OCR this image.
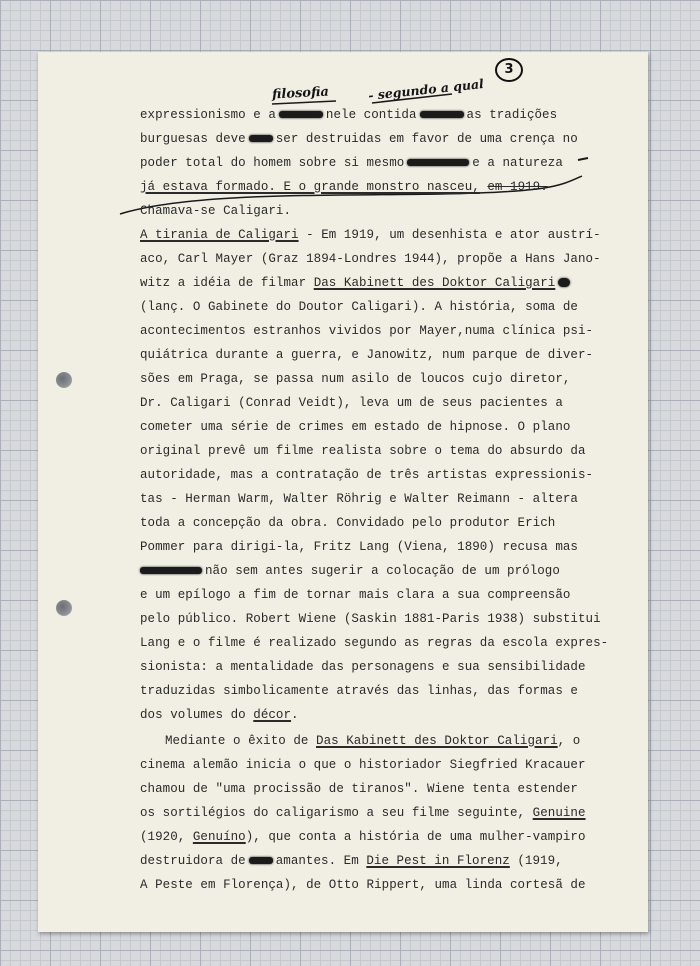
3
filosofia	- segundo a qual
expressionismo e a	nele contida	as tradições
burguesas deve ser destruidas em favor de uma crença no
poder total do homem sobre si mesmo	e a natureza
já estava formado. E o grande monstro nasceu, em 1919.
Chamava-se Caligari.
A tirania de Caligari - Em 1919, um desenhista e ator austrí-
aco, Carl Mayer (Graz 1894-Londres 1944), propõe a Hans Jano-
witz a idéia de filmar Das Kabinett des Doktor Caligari
(lanç. O Gabinete do Doutor Caligari). A história, soma de
acontecimentos estranhos vividos por Mayer,numa clínica psi-
quiátrica durante a guerra, e Janowitz, num parque de diver-
sões em Praga, se passa num asilo de loucos cujo diretor,
Dr. Caligari (Conrad Veidt), leva um de seus pacientes a
cometer uma série de crimes em estado de hipnose. O plano
original prevê um filme realista sobre o tema do absurdo da
autoridade, mas a contratação de três artistas expressionis-
tas - Herman Warm, Walter Röhrig e Walter Reimann - altera
toda a concepção da obra. Convidado pelo produtor Erich
Pommer para dirigi-la, Fritz Lang (Viena, 1890) recusa mas
não sem antes sugerir a colocação de um prólogo
e um epílogo a fim de tornar mais clara a sua compreensão
pelo público. Robert Wiene (Saskin 1881-Paris 1938) substitui
Lang e o filme é realizado segundo as regras da escola expres-
sionista: a mentalidade das personagens e sua sensibilidade
traduzidas simbolicamente através das linhas, das formas e
dos volumes do décor.
Mediante o êxito de Das Kabinett des Doktor Caligari, o
cinema alemão inicia o que o historiador Siegfried Kracauer
chamou de "uma procissão de tiranos". Wiene tenta estender
os sortilégios do caligarismo a seu filme seguinte, Genuine
(1920, Genuíno), que conta a história de uma mulher-vampiro
destruidora de amantes. Em Die Pest in Florenz (1919,
A Peste em Florença), de Otto Rippert, uma linda cortesã de
